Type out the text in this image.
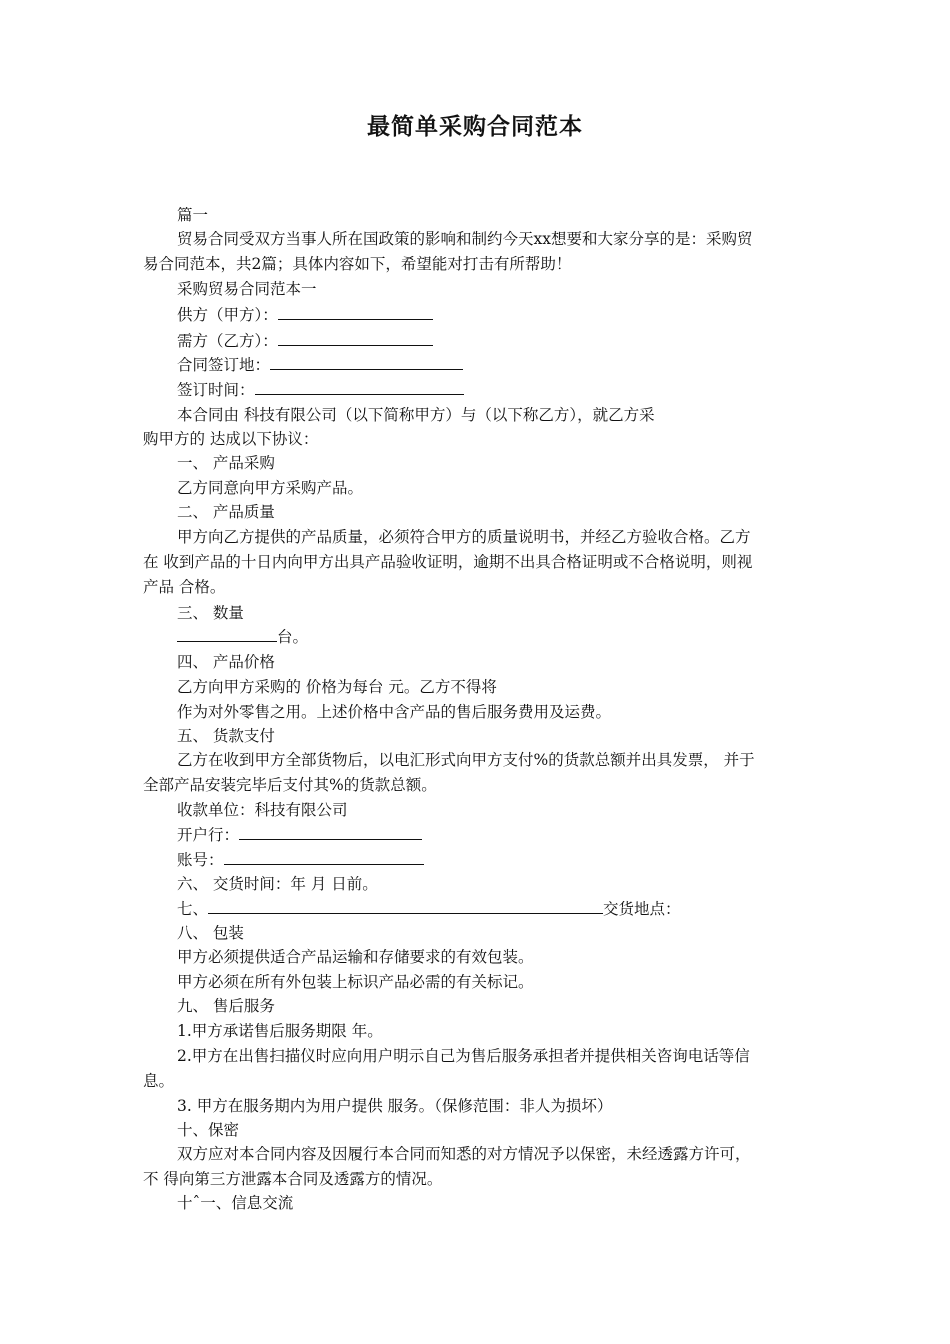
最简单采购合同范本
篇一
贸易合同受双方当事人所在国政策的影响和制约今天xx想要和大家分享的是：采购贸
易合同范本，共2篇；具体内容如下，希望能对打击有所帮助！
采购贸易合同范本一
供方（甲方）：
需方（乙方）：
合同签订地：
签订时间：
本合同由 科技有限公司（以下简称甲方）与（以下称乙方），就乙方采
购甲方的 达成以下协议：
一、 产品采购
乙方同意向甲方采购产品。
二、 产品质量
甲方向乙方提供的产品质量，必须符合甲方的质量说明书，并经乙方验收合格。乙方
在 收到产品的十日内向甲方出具产品验收证明，逾期不出具合格证明或不合格说明，则视
产品 合格。
三、 数量
台。
四、 产品价格
乙方向甲方采购的 价格为每台 元。乙方不得将
作为对外零售之用。上述价格中含产品的售后服务费用及运费。
五、 货款支付
乙方在收到甲方全部货物后，以电汇形式向甲方支付%的货款总额并出具发票， 并于
全部产品安装完毕后支付其%的货款总额。
收款单位：科技有限公司
开户行：
账号：
六、 交货时间：年 月 日前。
七、	交货地点：
八、 包装
甲方必须提供适合产品运输和存储要求的有效包装。
甲方必须在所有外包装上标识产品必需的有关标记。
九、 售后服务
1.甲方承诺售后服务期限 年。
2.甲方在出售扫描仪时应向用户明示自己为售后服务承担者并提供相关咨询电话等信
息。
3. 甲方在服务期内为用户提供 服务。（保修范围：非人为损坏）
十、保密
双方应对本合同内容及因履行本合同而知悉的对方情况予以保密，未经透露方许可，
不 得向第三方泄露本合同及透露方的情况。
十ˆ一、信息交流
